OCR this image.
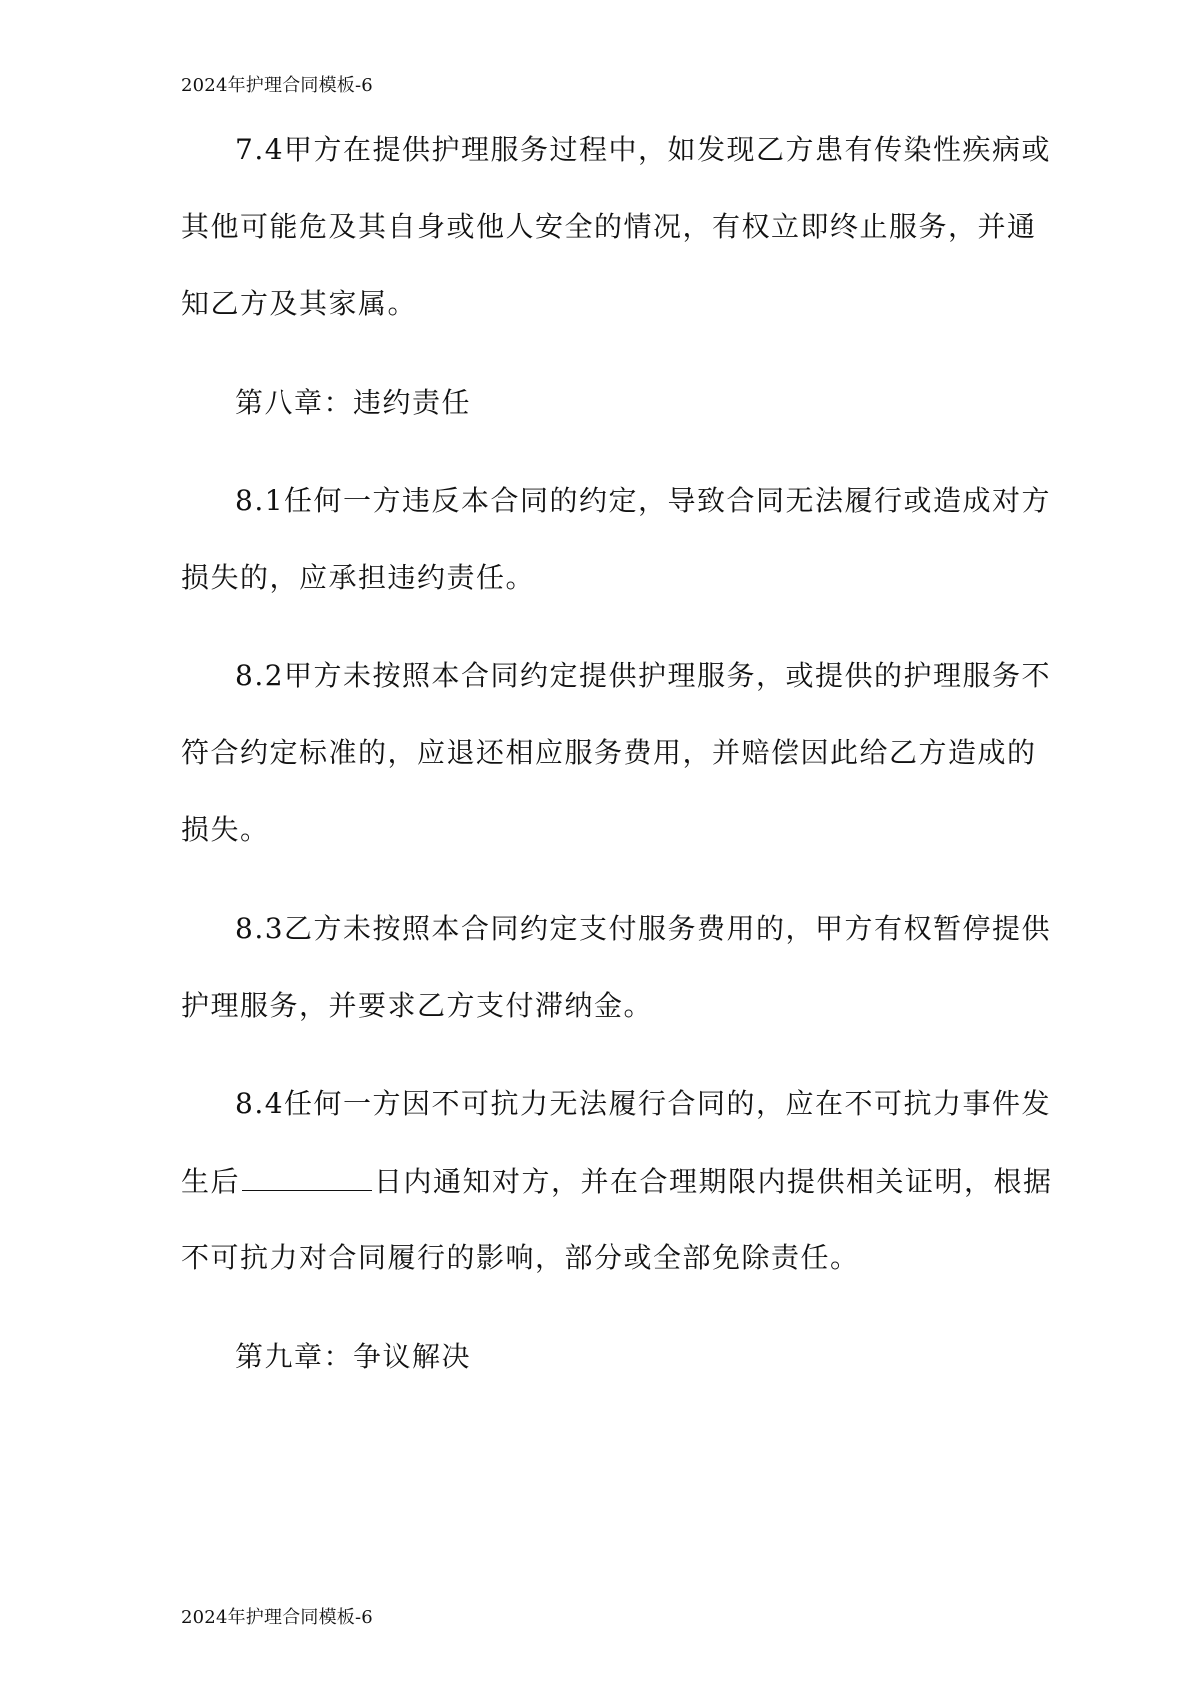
2024年护理合同模板-6
7.4甲方在提供护理服务过程中，如发现乙方患有传染性疾病或
其他可能危及其自身或他人安全的情况，有权立即终止服务，并通
知乙方及其家属。
第八章：违约责任
8.1任何一方违反本合同的约定，导致合同无法履行或造成对方
损失的，应承担违约责任。
8.2甲方未按照本合同约定提供护理服务，或提供的护理服务不
符合约定标准的，应退还相应服务费用，并赔偿因此给乙方造成的
损失。
8.3乙方未按照本合同约定支付服务费用的，甲方有权暂停提供
护理服务，并要求乙方支付滞纳金。
8.4任何一方因不可抗力无法履行合同的，应在不可抗力事件发
生后	日内通知对方，并在合理期限内提供相关证明，根据
不可抗力对合同履行的影响，部分或全部免除责任。
第九章：争议解决
2024年护理合同模板-6
